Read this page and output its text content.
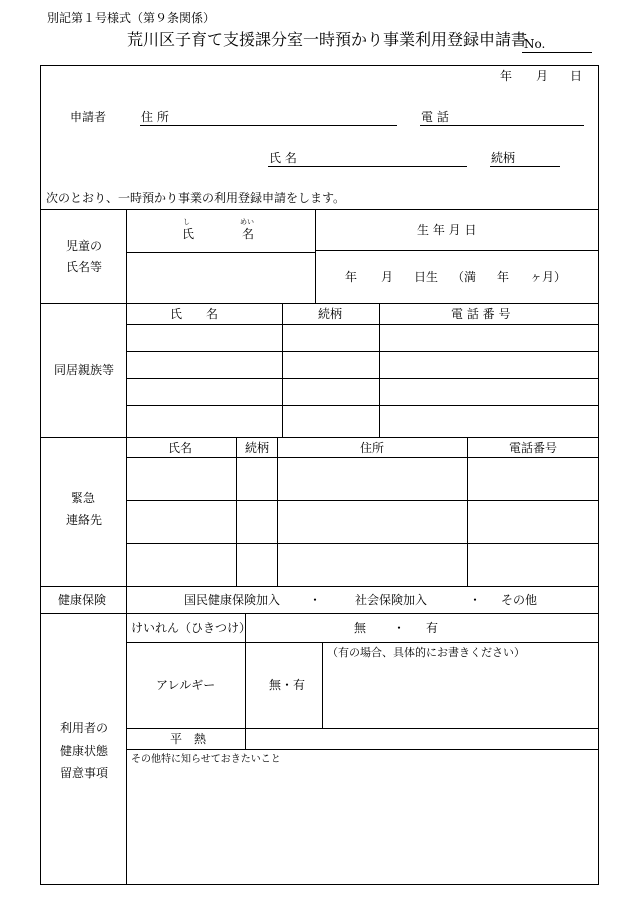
別記第１号様式（第９条関係）
荒川区子育て支援課分室一時預かり事業利用登録申請書
No.
年 月 日
申請者	住 所	電 話
氏 名	続柄
次のとおり、一時預かり事業の利用登録申請をします。
児童の
氏名等
し	めい
氏	名	生 年 月 日
年 月 日生 （満 年 ヶ月）
同居親族等
氏　　名	続柄	電 話 番 号
緊急
連絡先
氏名	続柄	住所	電話番号
健康保険	国民健康保険加入 ・	社会保険加入	・ その他
利用者の
健康状態
留意事項
けいれん（ひきつけ）	無 ・ 有
アレルギー	無・有
（有の場合、具体的にお書きください）
平　熱
その他特に知らせておきたいこと
